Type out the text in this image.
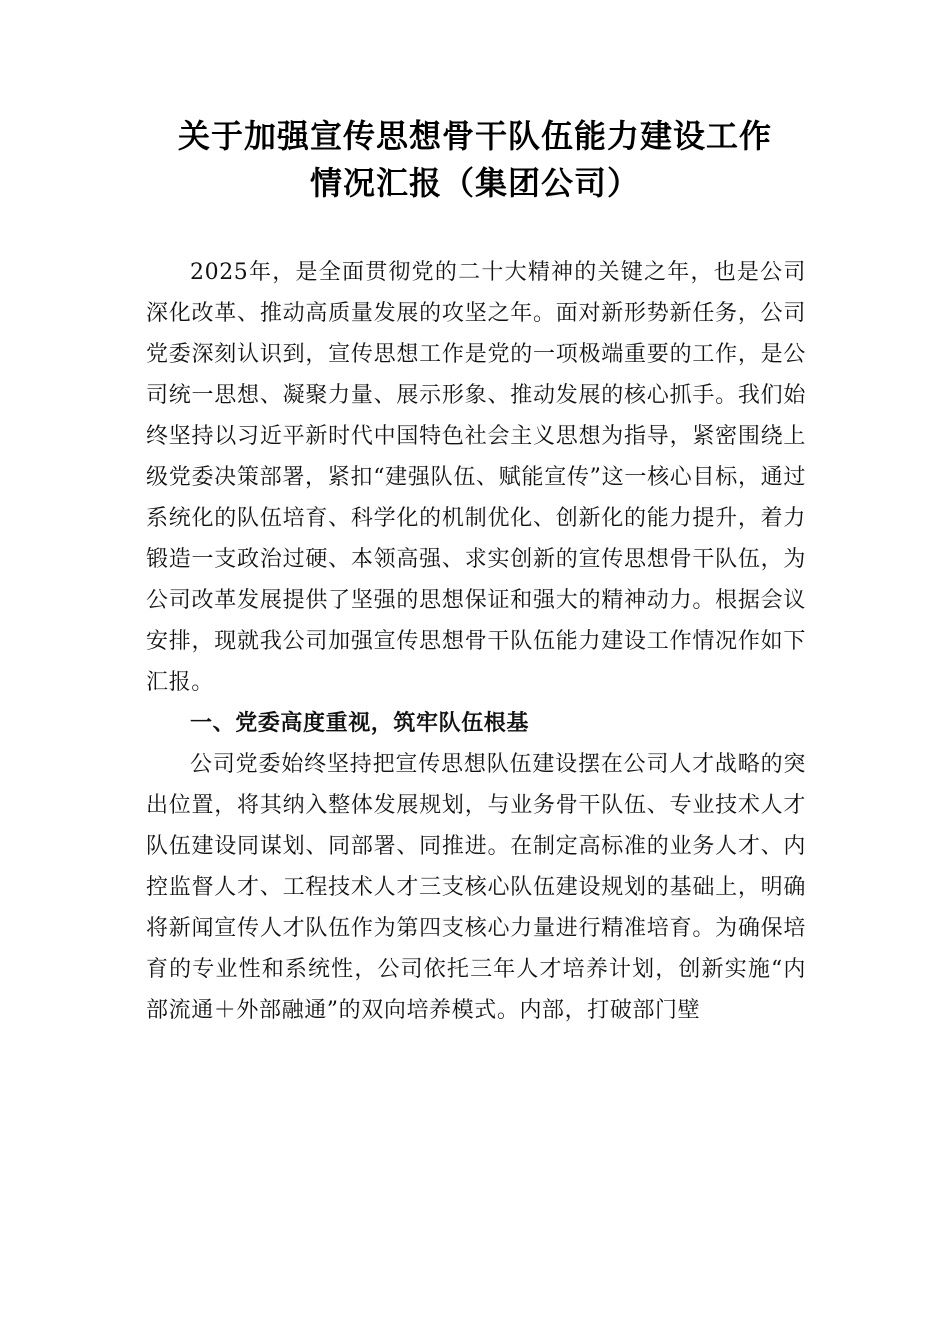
关于加强宣传思想骨干队伍能力建设工作
情况汇报（集团公司）

2025年，是全面贯彻党的二十大精神的关键之年，也是公司深化改革、推动高质量发展的攻坚之年。面对新形势新任务，公司党委深刻认识到，宣传思想工作是党的一项极端重要的工作，是公司统一思想、凝聚力量、展示形象、推动发展的核心抓手。我们始终坚持以习近平新时代中国特色社会主义思想为指导，紧密围绕上级党委决策部署，紧扣“建强队伍、赋能宣传”这一核心目标，通过系统化的队伍培育、科学化的机制优化、创新化的能力提升，着力锻造一支政治过硬、本领高强、求实创新的宣传思想骨干队伍，为公司改革发展提供了坚强的思想保证和强大的精神动力。根据会议安排，现就我公司加强宣传思想骨干队伍能力建设工作情况作如下汇报。

一、党委高度重视，筑牢队伍根基

公司党委始终坚持把宣传思想队伍建设摆在公司人才战略的突出位置，将其纳入整体发展规划，与业务骨干队伍、专业技术人才队伍建设同谋划、同部署、同推进。在制定高标准的业务人才、内控监督人才、工程技术人才三支核心队伍建设规划的基础上，明确将新闻宣传人才队伍作为第四支核心力量进行精准培育。为确保培育的专业性和系统性，公司依托三年人才培养计划，创新实施“内部流通＋外部融通”的双向培养模式。内部，打破部门壁
